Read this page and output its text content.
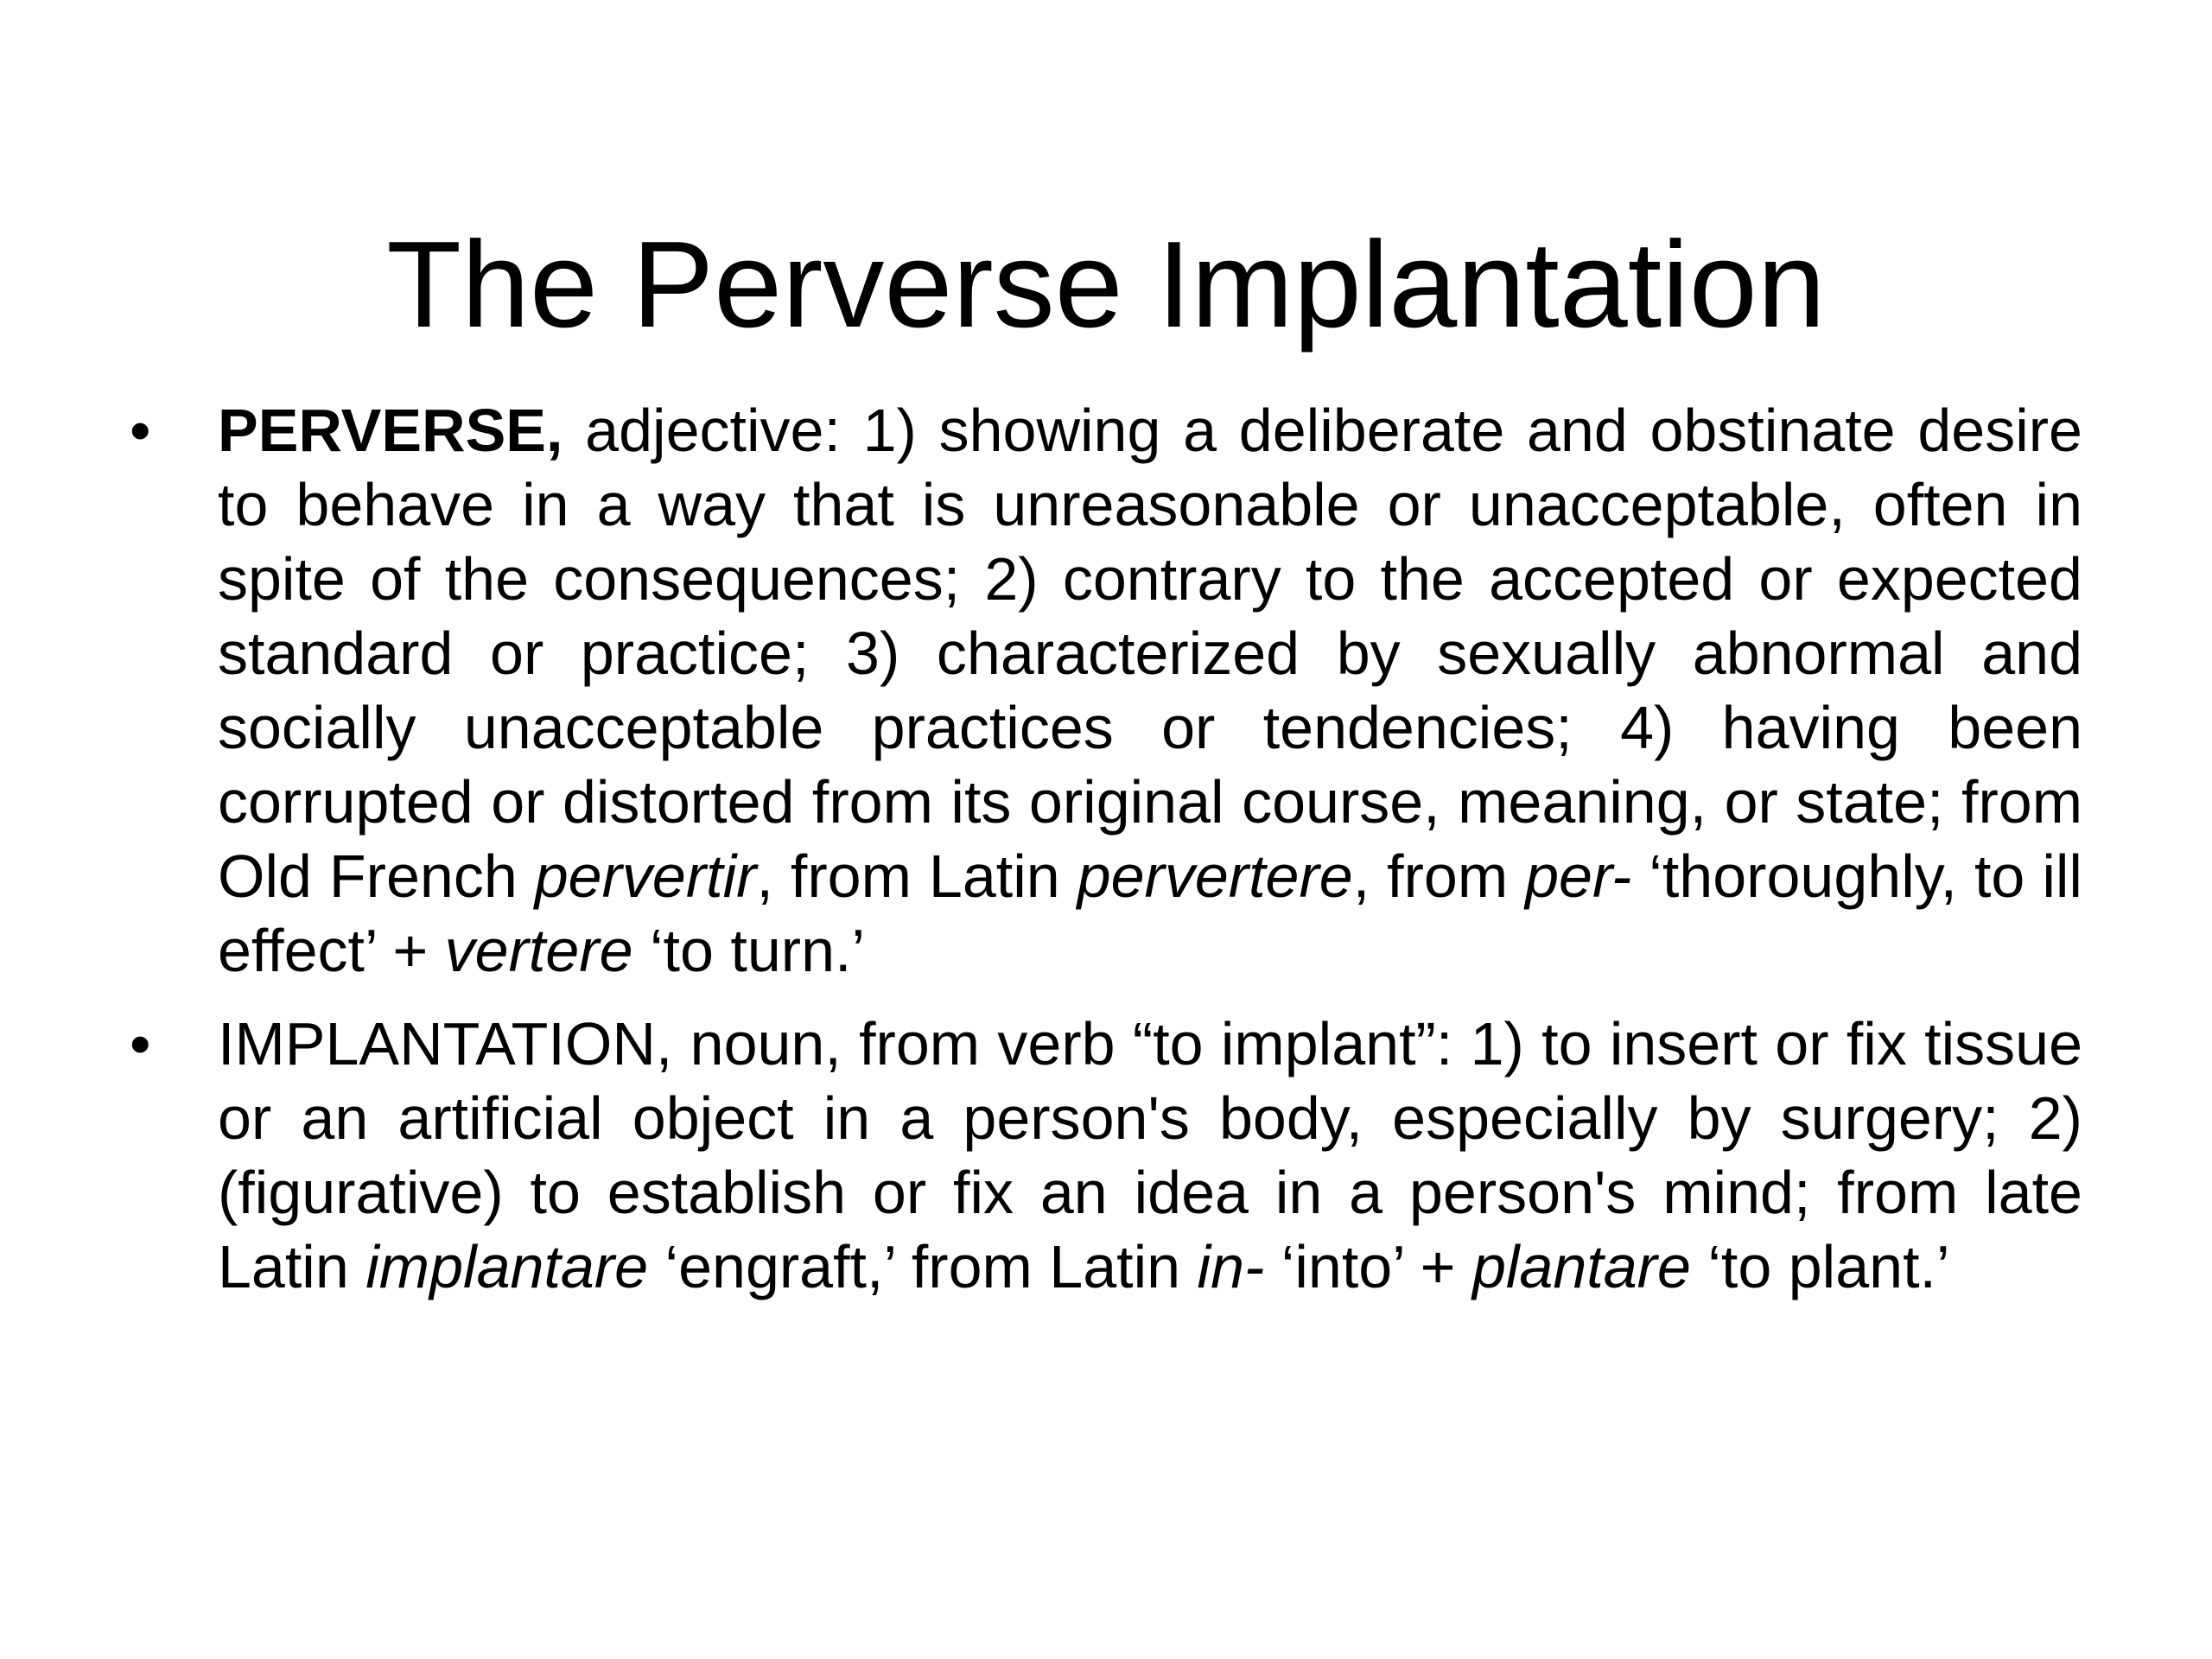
The Perverse Implantation
• PERVERSE, adjective: 1) showing a deliberate and obstinate desire to behave in a way that is unreasonable or unacceptable, often in spite of the consequences; 2) contrary to the accepted or expected standard or practice; 3) characterized by sexually abnormal and socially unacceptable practices or tendencies; 4) having been corrupted or distorted from its original course, meaning, or state; from Old French pervertir, from Latin pervertere, from per- ‘thoroughly, to ill effect’ + vertere ‘to turn.’
• IMPLANTATION, noun, from verb “to implant”: 1) to insert or fix tissue or an artificial object in a person's body, especially by surgery; 2) (figurative) to establish or fix an idea in a person's mind; from late Latin implantare ‘engraft,’ from Latin in- ‘into’ + plantare ‘to plant.’
